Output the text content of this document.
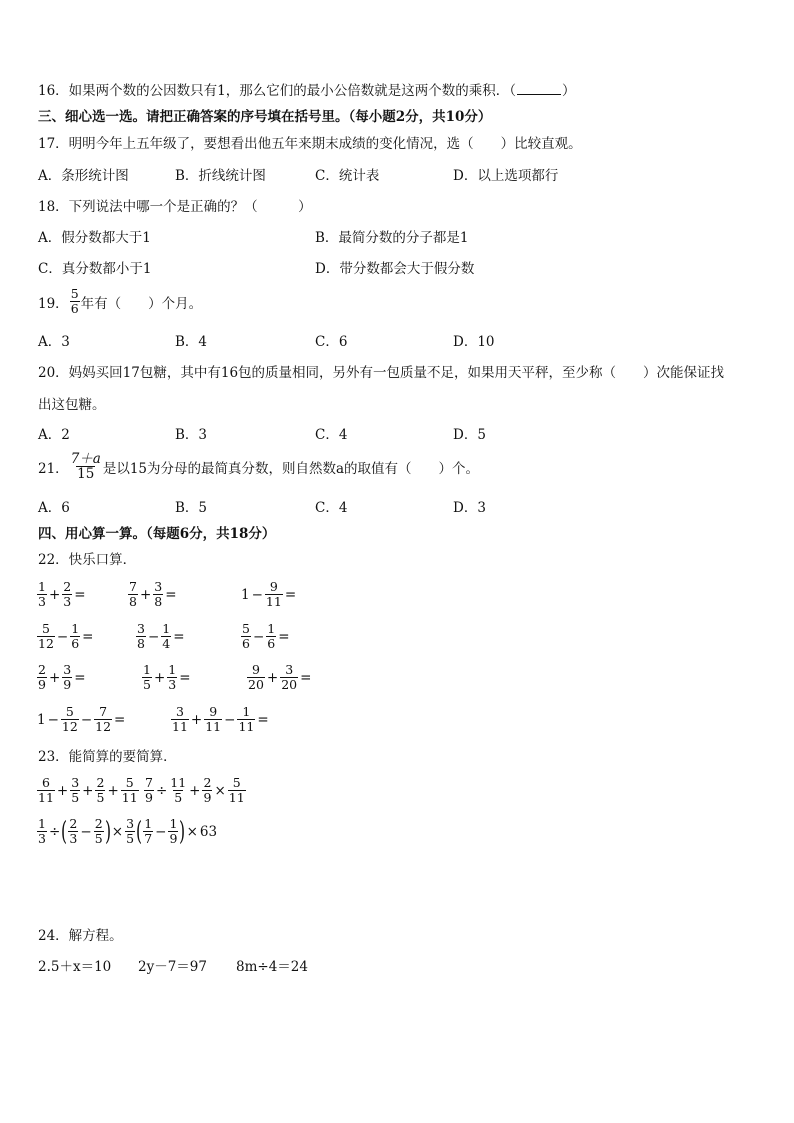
16．如果两个数的公因数只有1，那么它们的最小公倍数就是这两个数的乘积．（	）
三、细心选一选。请把正确答案的序号填在括号里。（每小题2分，共10分）
17．明明今年上五年级了，要想看出他五年来期末成绩的变化情况，选（　　）比较直观。
A．条形统计图	B．折线统计图	C．统计表	D．以上选项都行
18．下列说法中哪一个是正确的？（　　　）
A．假分数都大于1	B．最简分数的分子都是1
C．真分数都小于1	D．带分数都会大于假分数
19． $\frac{5}{6}$ 年有（　　）个月。
A．3	B．4	C．6	D．10
20．妈妈买回17包糖，其中有16包的质量相同，另外有一包质量不足，如果用天平秤，至少称（　　）次能保证找
出这包糖。
A．2	B．3	C．4	D．5
21． $\frac{7+a}{15}$ 是以15为分母的最简真分数，则自然数a的取值有（　　）个。
A．6	B．5	C．4	D．3
四、用心算一算。（每题6分，共18分）
22．快乐口算．
$\frac{1}{3} + \frac{2}{3}$ =	$\frac{7}{8} + \frac{3}{8}$ =	$1 - \frac{9}{11}$ =
$\frac{5}{12} - \frac{1}{6}$ =	$\frac{3}{8} - \frac{1}{4}$ =	$\frac{5}{6} - \frac{1}{6}$ =
$\frac{2}{9} + \frac{3}{9}$ =	$\frac{1}{5} + \frac{1}{3}$ =	$\frac{9}{20} + \frac{3}{20}$ =
$1 - \frac{5}{12} - \frac{7}{12}$ =	$\frac{3}{11} + \frac{9}{11} - \frac{1}{11}$ =
23．能简算的要简算．
$\frac{6}{11} + \frac{3}{5} + \frac{2}{5} + \frac{5}{11} \frac{7}{9} \div \frac{11}{5} + \frac{2}{9} \times \frac{5}{11}$
$\frac{1}{3}$ ÷ ( $\frac{2}{3} - \frac{2}{5}$ ) × $\frac{3}{5}$ ( $\frac{1}{7} - \frac{1}{9}$ ) × 63
24．解方程。
2.5＋x＝10 2y－7＝97 8m÷4＝24
